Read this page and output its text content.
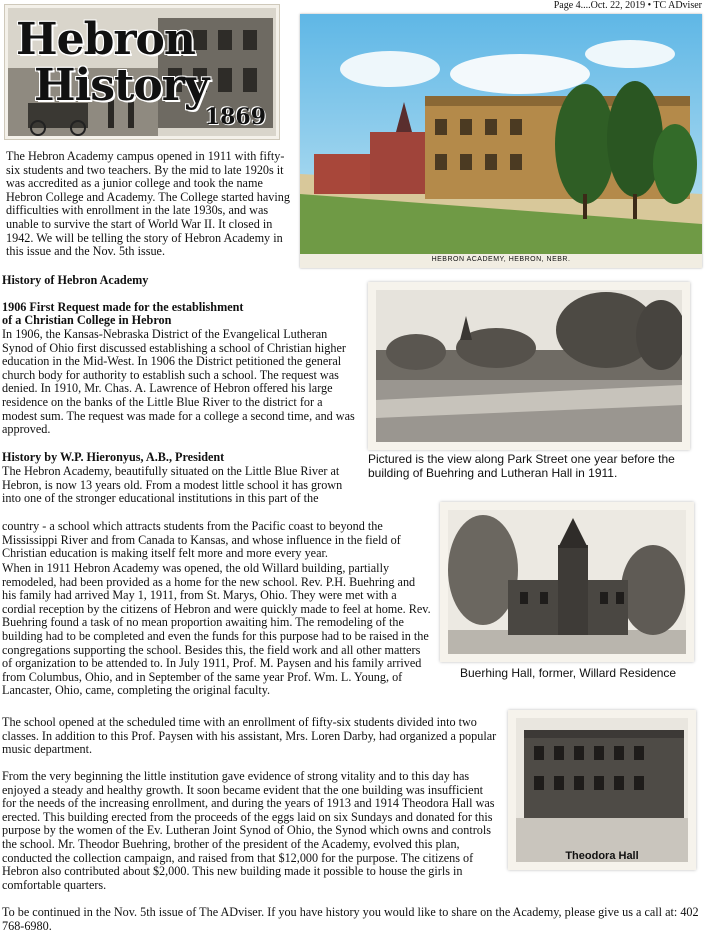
Page 4....Oct. 22, 2019 • TC ADviser
Hebron
History
1869

The Hebron Academy campus opened in 1911 with fifty-six students and two teachers. By the mid to late 1920s it was accredited as a junior college and took the name Hebron College and Academy. The College started having difficulties with enrollment in the late 1930s, and was unable to survive the start of World War II. It closed in 1942. We will be telling the story of Hebron Academy in this issue and the Nov. 5th issue.

HEBRON ACADEMY, HEBRON, NEBR.

History of Hebron Academy

1906 First Request made for the establishment

of a Christian College in Hebron

In 1906, the Kansas-Nebraska District of the Evangelical Lutheran Synod of Ohio first discussed establishing a school of Christian higher education in the Mid-West. In 1906 the District petitioned the general church body for authority to establish such a school. The request was denied. In 1910, Mr. Chas. A. Lawrence of Hebron offered his large residence on the banks of the Little Blue River to the district for a modest sum. The request was made for a college a second time, and was approved.

Pictured is the view along Park Street one year before the building of Buehring and Lutheran Hall in 1911.

History by W.P. Hieronyus, A.B., President

The Hebron Academy, beautifully situated on the Little Blue River at Hebron, is now 13 years old. From a modest little school it has grown into one of the stronger educational institutions in this part of the

country - a school which attracts students from the Pacific coast to beyond the Mississippi River and from Canada to Kansas, and whose influence in the field of Christian education is making itself felt more and more every year.

Buerhing Hall, former, Willard Residence

When in 1911 Hebron Academy was opened, the old Willard building, partially remodeled, had been provided as a home for the new school. Rev. P.H. Buehring and his family had arrived May 1, 1911, from St. Marys, Ohio. They were met with a cordial reception by the citizens of Hebron and were quickly made to feel at home. Rev. Buehring found a task of no mean proportion awaiting him. The remodeling of the building had to be completed and even the funds for this purpose had to be raised in the congregations supporting the school. Besides this, the field work and all other matters of organization to be attended to. In July 1911, Prof. M. Paysen and his family arrived from Columbus, Ohio, and in September of the same year Prof. Wm. L. Young, of Lancaster, Ohio, came, completing the original faculty.

The school opened at the scheduled time with an enrollment of fifty-six students divided into two classes. In addition to this Prof. Paysen with his assistant, Mrs. Loren Darby, had organized a popular music department.

Theodora Hall

From the very beginning the little institution gave evidence of strong vitality and to this day has enjoyed a steady and healthy growth. It soon became evident that the one building was insufficient for the needs of the increasing enrollment, and during the years of 1913 and 1914 Theodora Hall was erected. This building erected from the proceeds of the eggs laid on six Sundays and donated for this purpose by the women of the Ev. Lutheran Joint Synod of Ohio, the Synod which owns and controls the school. Mr. Theodor Buehring, brother of the president of the Academy, evolved this plan, conducted the collection campaign, and raised from that $12,000 for the purpose. The citizens of Hebron also contributed about $2,000. This new building made it possible to house the girls in comfortable quarters.

To be continued in the Nov. 5th issue of The ADviser. If you have history you would like to share on the Academy, please give us a call at: 402 768-6980.
